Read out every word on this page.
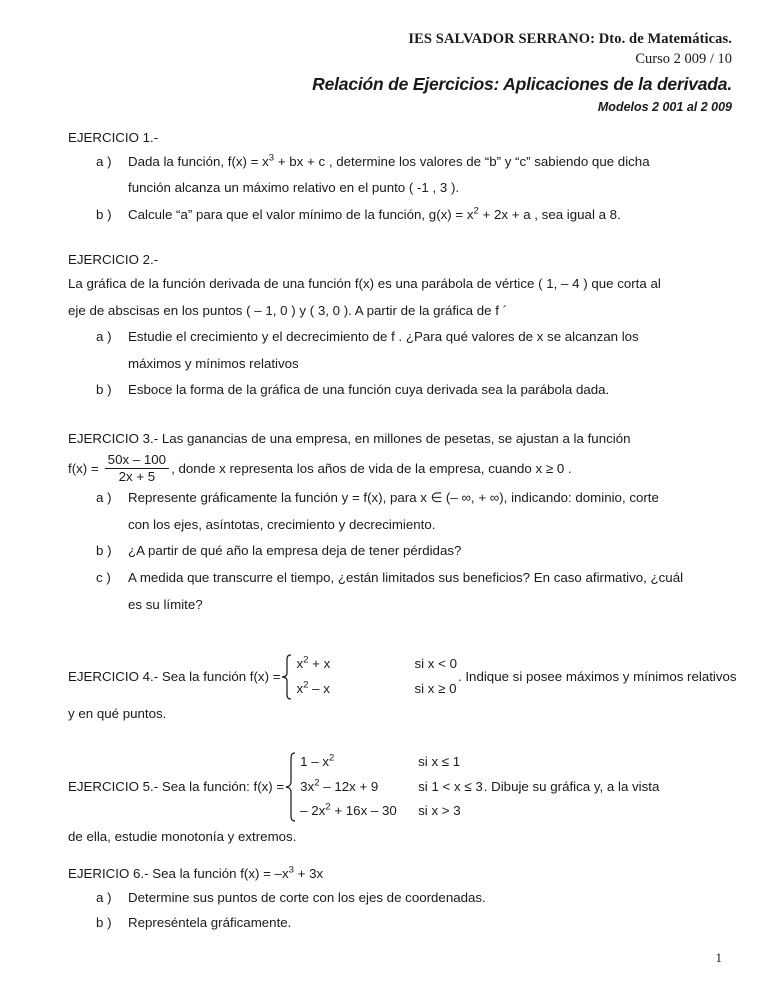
IES SALVADOR SERRANO: Dto. de Matemáticas.
Curso 2 009 / 10
Relación de Ejercicios: Aplicaciones de la derivada.
Modelos 2 001 al 2 009
EJERCICIO 1.-
a )	Dada la función, $f(x) = x^3$ + bx + c , determine los valores de “b” y “c” sabiendo que dicha
función alcanza un máximo relativo en el punto ( -1 , 3 ).
b )	Calcule “a” para que el valor mínimo de la función, $g(x) = x^2 + 2x + a$ , sea igual a 8.
EJERCICIO 2.-
La gráfica de la función derivada de una función f(x) es una parábola de vértice ( 1, – 4 ) que corta al
eje de abscisas en los puntos ( – 1, 0 ) y ( 3, 0 ). A partir de la gráfica de f ´
a )	Estudie el crecimiento y el decrecimiento de f . ¿Para qué valores de x se alcanzan los
máximos y mínimos relativos
b )	Esboce la forma de la gráfica de una función cuya derivada sea la parábola dada.
EJERCICIO 3.- Las ganancias de una empresa, en millones de pesetas, se ajustan a la función
$f(x) = \frac{50x - 100}{2x + 5}$ , donde x representa los años de vida de la empresa, cuando x ≥ 0 .
a )	Represente gráficamente la función y = f(x), para x ∈ (– ∞, + ∞), indicando: dominio, corte
con los ejes, asíntotas, crecimiento y decrecimiento.
b )	¿A partir de qué año la empresa deja de tener pérdidas?
c )	A medida que transcurre el tiempo, ¿están limitados sus beneficios? En caso afirmativo, ¿cuál
es su límite?
EJERCICIO 4.- Sea la función f(x) =
$x^2 + x$	si x < 0
$x^2$ – x	si x ≥ 0
. Indique si posee máximos y mínimos relativos
y en qué puntos.
EJERCICIO 5.- Sea la función: f(x) =
$1 - x^2$	si x ≤ 1
$3x^2 - 12x + 9$	si 1 < x ≤ 3
– $2x^2 + 16x - 30$	si x > 3
. Dibuje su gráfica y, a la vista
de ella, estudie monotonía y extremos.
EJERICIO 6.- Sea la función $f(x) = -x^3 + 3x$
a )	Determine sus puntos de corte con los ejes de coordenadas.
b )	Represéntela gráficamente.
1
